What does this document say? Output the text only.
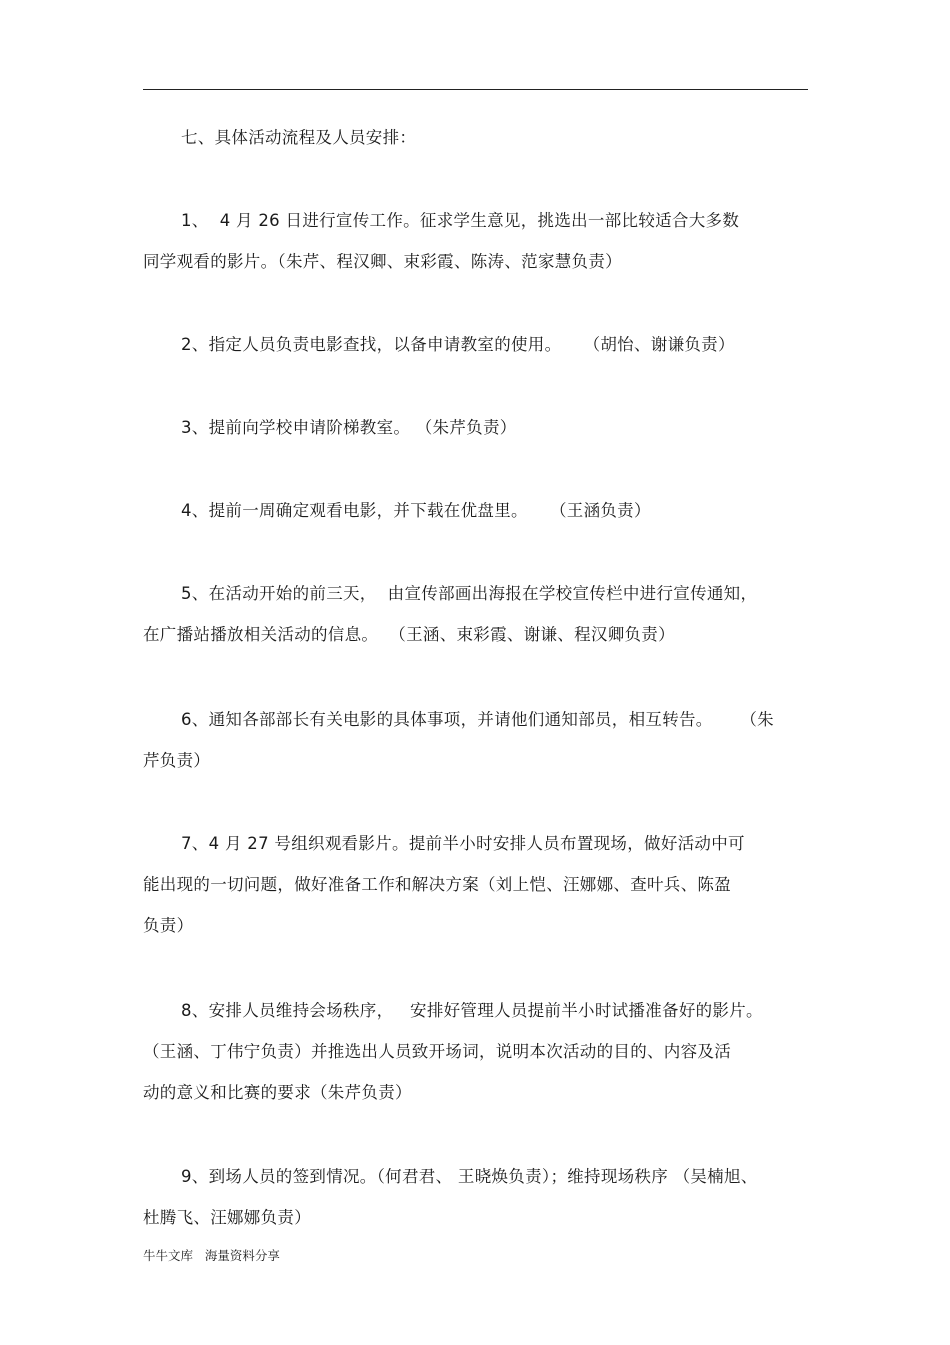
七、具体活动流程及人员安排：
1、  4 月 26 日进行宣传工作。征求学生意见，挑选出一部比较适合大多数
同学观看的影片。（朱芹、程汉卿、束彩霞、陈涛、范家慧负责）
2、指定人员负责电影查找，以备申请教室的使用。    （胡怡、谢谦负责）
3、提前向学校申请阶梯教室。 （朱芹负责）
4、提前一周确定观看电影，并下载在优盘里。    （王涵负责）
5、在活动开始的前三天，  由宣传部画出海报在学校宣传栏中进行宣传通知，
在广播站播放相关活动的信息。  （王涵、束彩霞、谢谦、程汉卿负责）
6、通知各部部长有关电影的具体事项，并请他们通知部员，相互转告。     （朱
芹负责）
7、4 月 27 号组织观看影片。提前半小时安排人员布置现场，做好活动中可
能出现的一切问题，做好准备工作和解决方案（刘上恺、汪娜娜、查叶兵、陈盈
负责）
8、安排人员维持会场秩序，   安排好管理人员提前半小时试播准备好的影片。
（王涵、丁伟宁负责）并推选出人员致开场词，说明本次活动的目的、内容及活
动的意义和比赛的要求（朱芹负责）
9、到场人员的签到情况。（何君君、 王晓焕负责）；维持现场秩序 （吴楠旭、
杜腾飞、汪娜娜负责）
牛牛文库   海量资料分享
